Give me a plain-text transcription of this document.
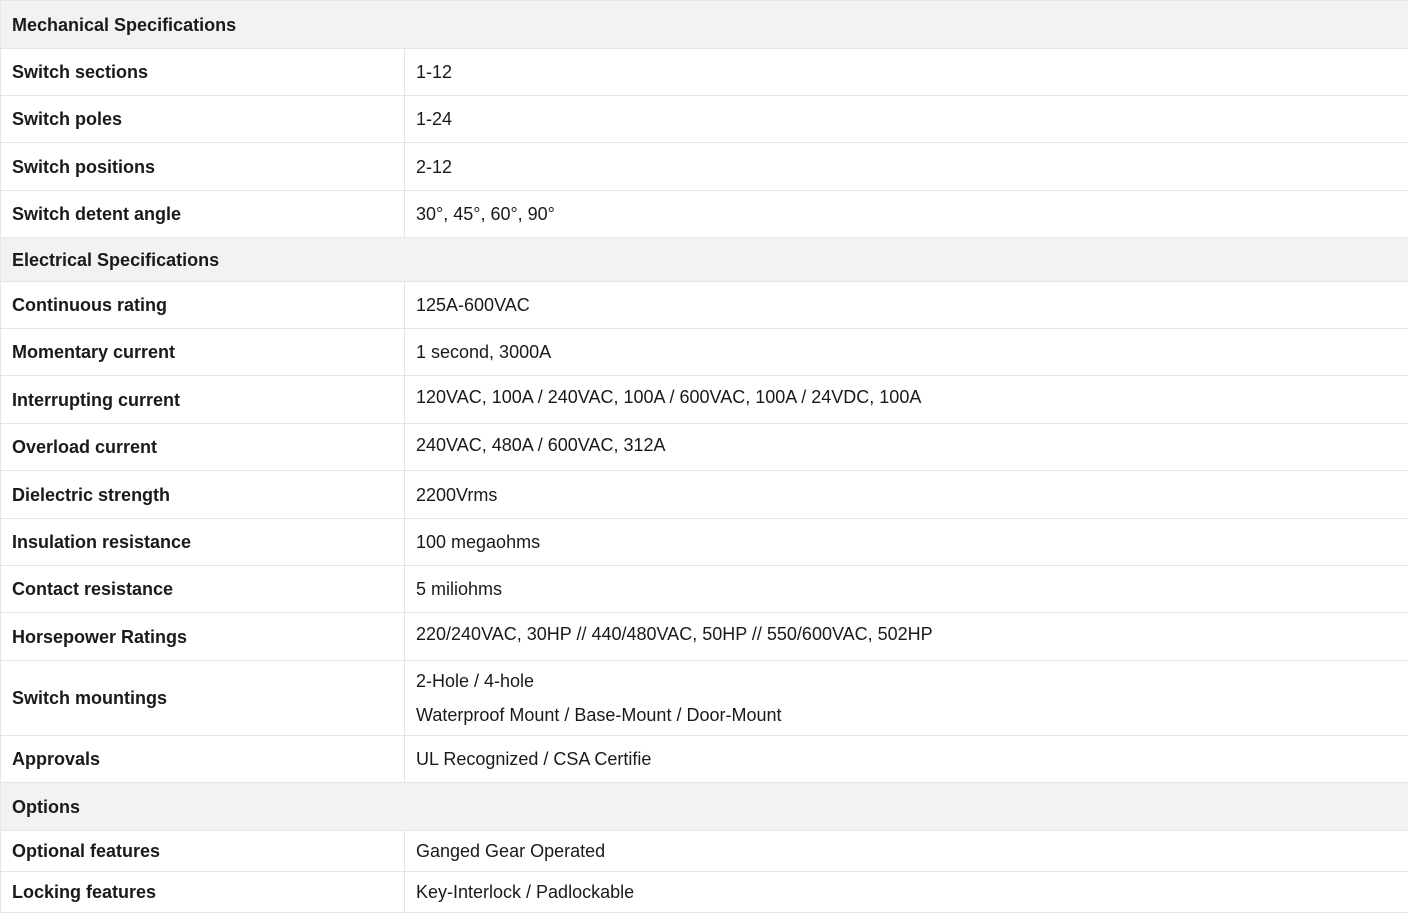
Mechanical Specifications	
Switch sections	1-12
Switch poles	1-24
Switch positions	2-12
Switch detent angle	30°, 45°, 60°, 90°
Electrical Specifications	
Continuous rating	125A-600VAC
Momentary current	1 second, 3000A
Interrupting current	120VAC, 100A / 240VAC, 100A / 600VAC, 100A / 24VDC, 100A
Overload current	240VAC, 480A / 600VAC, 312A
Dielectric strength	2200Vrms
Insulation resistance	100 megaohms
Contact resistance	5 miliohms
Horsepower Ratings	220/240VAC, 30HP // 440/480VAC, 50HP // 550/600VAC, 502HP
Switch mountings	2-Hole / 4-hole
Waterproof Mount / Base-Mount / Door-Mount

Approvals	UL Recognized / CSA Certifie
Options	
Optional features	Ganged Gear Operated
Locking features	Key-Interlock / Padlockable
